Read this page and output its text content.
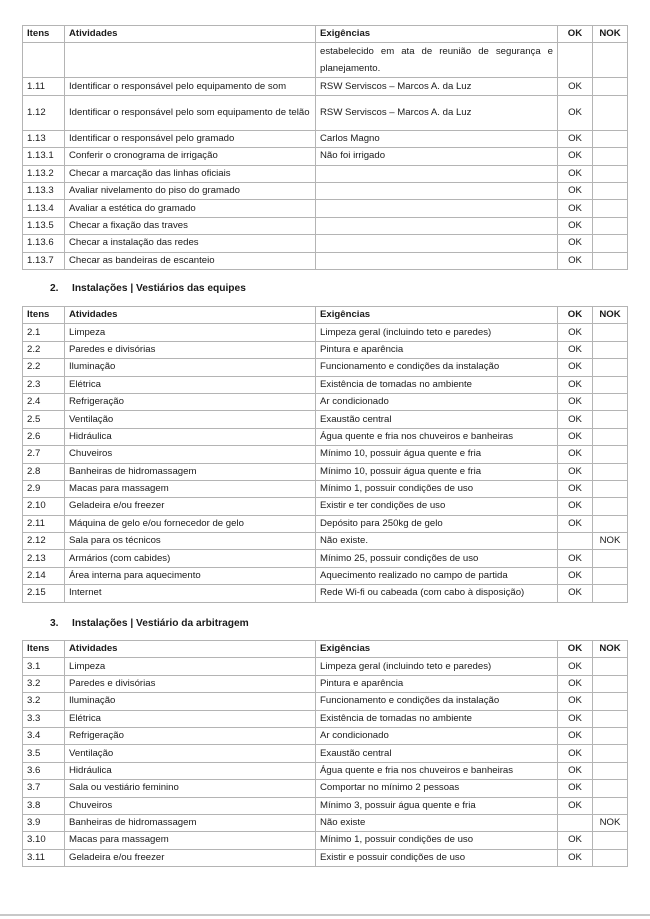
Itens	Atividades	Exigências	OK	NOK
		estabelecido em ata de reunião de segurança e planejamento.		
1.11	Identificar o responsável pelo equipamento de som	RSW Serviscos – Marcos A. da Luz	OK	
1.12	Identificar o responsável pelo som equipamento de telão	RSW Serviscos – Marcos A. da Luz	OK	
1.13	Identificar o responsável pelo gramado	Carlos Magno	OK	
1.13.1	Conferir o cronograma de irrigação	Não foi irrigado	OK	
1.13.2	Checar a marcação das linhas oficiais		OK	
1.13.3	Avaliar nivelamento do piso do gramado		OK	
1.13.4	Avaliar a estética do gramado		OK	
1.13.5	Checar a fixação das traves		OK	
1.13.6	Checar a instalação das redes		OK	
1.13.7	Checar as bandeiras de escanteio		OK	
2. Instalações | Vestiários das equipes
Itens	Atividades	Exigências	OK	NOK
2.1	Limpeza	Limpeza geral (incluindo teto e paredes)	OK	
2.2	Paredes e divisórias	Pintura e aparência	OK	
2.2	Iluminação	Funcionamento e condições da instalação	OK	
2.3	Elétrica	Existência de tomadas no ambiente	OK	
2.4	Refrigeração	Ar condicionado	OK	
2.5	Ventilação	Exaustão central	OK	
2.6	Hidráulica	Água quente e fria nos chuveiros e banheiras	OK	
2.7	Chuveiros	Mínimo 10, possuir água quente e fria	OK	
2.8	Banheiras de hidromassagem	Mínimo 10, possuir água quente e fria	OK	
2.9	Macas para massagem	Mínimo 1, possuir condições de uso	OK	
2.10	Geladeira e/ou freezer	Existir e ter condições de uso	OK	
2.11	Máquina de gelo e/ou fornecedor de gelo	Depósito para 250kg de gelo	OK	
2.12	Sala para os técnicos	Não existe.		NOK
2.13	Armários (com cabides)	Mínimo 25, possuir condições de uso	OK	
2.14	Área interna para aquecimento	Aquecimento realizado no campo de partida	OK	
2.15	Internet	Rede Wi-fi ou cabeada (com cabo à disposição)	OK	
3. Instalações | Vestiário da arbitragem
Itens	Atividades	Exigências	OK	NOK
3.1	Limpeza	Limpeza geral (incluindo teto e paredes)	OK	
3.2	Paredes e divisórias	Pintura e aparência	OK	
3.2	Iluminação	Funcionamento e condições da instalação	OK	
3.3	Elétrica	Existência de tomadas no ambiente	OK	
3.4	Refrigeração	Ar condicionado	OK	
3.5	Ventilação	Exaustão central	OK	
3.6	Hidráulica	Água quente e fria nos chuveiros e banheiras	OK	
3.7	Sala ou vestiário feminino	Comportar no mínimo 2 pessoas	OK	
3.8	Chuveiros	Mínimo 3, possuir água quente e fria	OK	
3.9	Banheiras de hidromassagem	Não existe		NOK
3.10	Macas para massagem	Mínimo 1, possuir condições de uso	OK	
3.11	Geladeira e/ou freezer	Existir e possuir condições de uso	OK	
